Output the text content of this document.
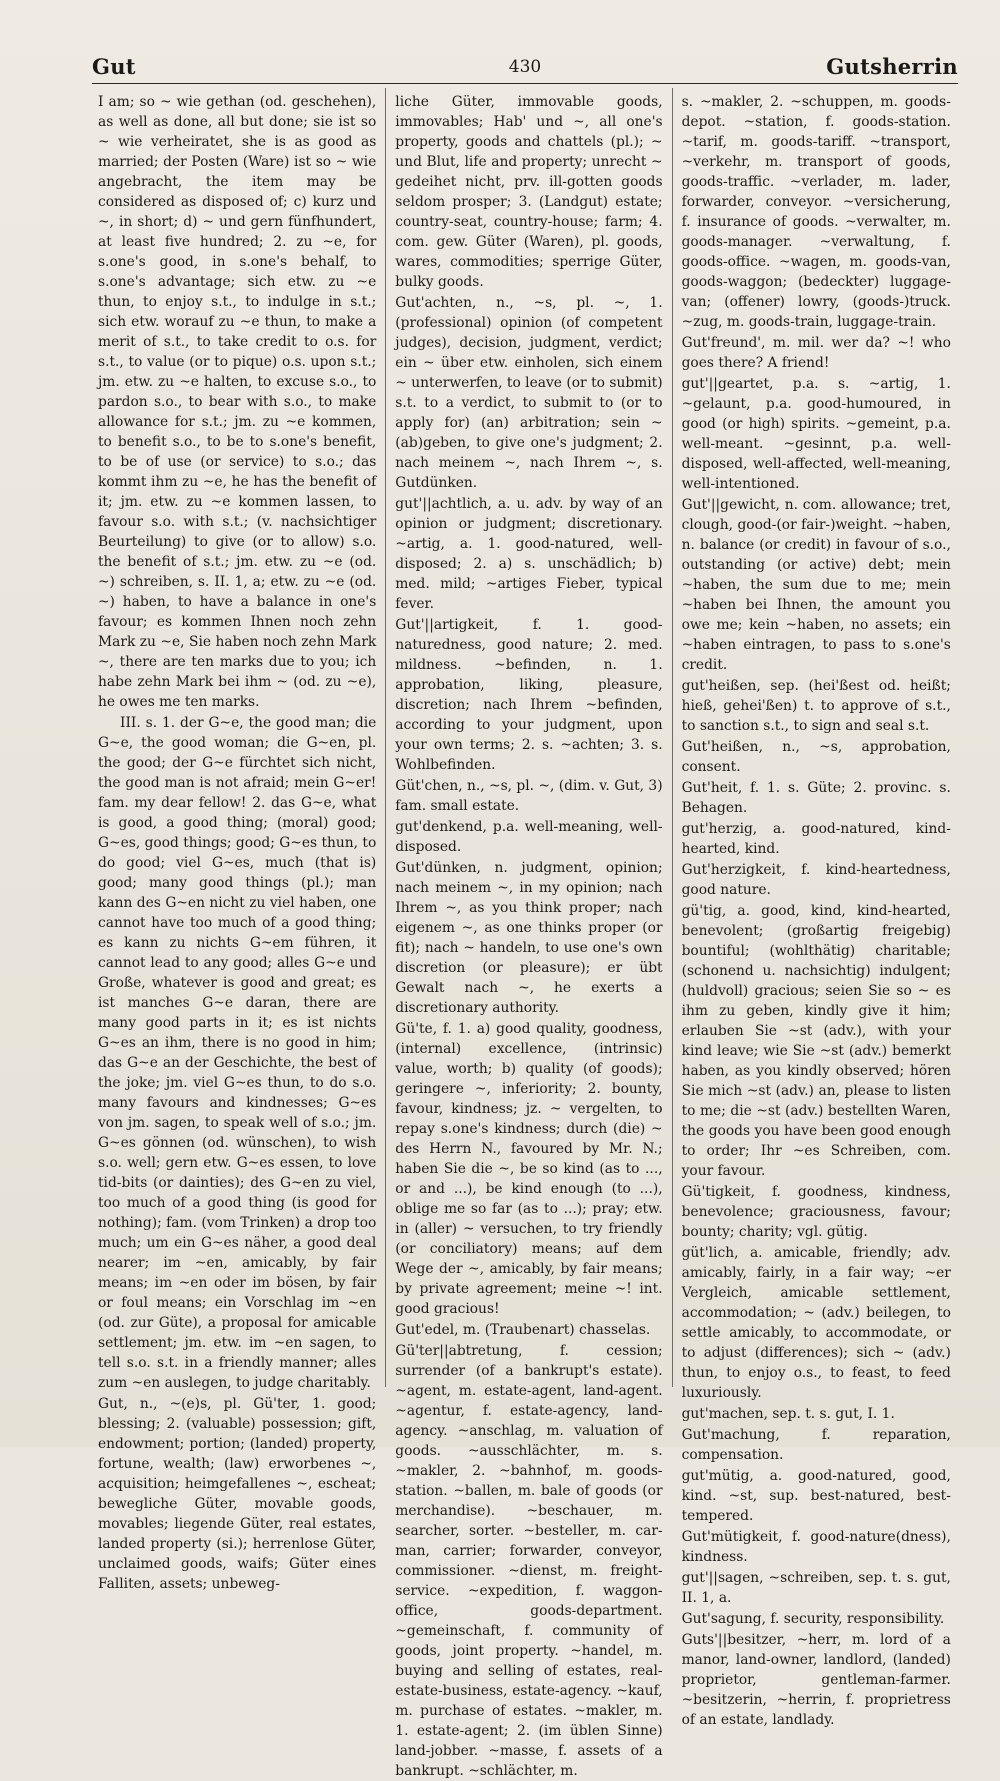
Gut	430	Gutsherrin

I am; so ~ wie gethan (od. geschehen), as well as done, all but done; sie ist so ~ wie verheiratet, she is as good as married; der Posten (Ware) ist so ~ wie angebracht, the item may be considered as disposed of; c) kurz und ~, in short; d) ~ und gern fünfhundert, at least five hundred; 2. zu ~e, for s.one's good, in s.one's behalf, to s.one's advantage; sich etw. zu ~e thun, to enjoy s.t., to indulge in s.t.; sich etw. worauf zu ~e thun, to make a merit of s.t., to take credit to o.s. for s.t., to value (or to pique) o.s. upon s.t.; jm. etw. zu ~e halten, to excuse s.o., to pardon s.o., to bear with s.o., to make allowance for s.t.; jm. zu ~e kommen, to benefit s.o., to be to s.one's benefit, to be of use (or service) to s.o.; das kommt ihm zu ~e, he has the benefit of it; jm. etw. zu ~e kommen lassen, to favour s.o. with s.t.; (v. nachsichtiger Beurteilung) to give (or to allow) s.o. the benefit of s.t.; jm. etw. zu ~e (od. ~) schreiben, s. II. 1, a; etw. zu ~e (od. ~) haben, to have a balance in one's favour; es kommen Ihnen noch zehn Mark zu ~e, Sie haben noch zehn Mark ~, there are ten marks due to you; ich habe zehn Mark bei ihm ~ (od. zu ~e), he owes me ten marks.

III. s. 1. der G~e, the good man; die G~e, the good woman; die G~en, pl. the good; der G~e fürchtet sich nicht, the good man is not afraid; mein G~er! fam. my dear fellow! 2. das G~e, what is good, a good thing; (moral) good; G~es, good things; good; G~es thun, to do good; viel G~es, much (that is) good; many good things (pl.); man kann des G~en nicht zu viel haben, one cannot have too much of a good thing; es kann zu nichts G~em führen, it cannot lead to any good; alles G~e und Große, whatever is good and great; es ist manches G~e daran, there are many good parts in it; es ist nichts G~es an ihm, there is no good in him; das G~e an der Geschichte, the best of the joke; jm. viel G~es thun, to do s.o. many favours and kindnesses; G~es von jm. sagen, to speak well of s.o.; jm. G~es gönnen (od. wünschen), to wish s.o. well; gern etw. G~es essen, to love tid-bits (or dainties); des G~en zu viel, too much of a good thing (is good for nothing); fam. (vom Trinken) a drop too much; um ein G~es näher, a good deal nearer; im ~en, amicably, by fair means; im ~en oder im bösen, by fair or foul means; ein Vorschlag im ~en (od. zur Güte), a proposal for amicable settlement; jm. etw. im ~en sagen, to tell s.o. s.t. in a friendly manner; alles zum ~en auslegen, to judge charitably.

Gut, n., ~(e)s, pl. Gü'ter, 1. good; blessing; 2. (valuable) possession; gift, endowment; portion; (landed) property, fortune, wealth; (law) erworbenes ~, acquisition; heimgefallenes ~, escheat; bewegliche Güter, movable goods, movables; liegende Güter, real estates, landed property (si.); herrenlose Güter, unclaimed goods, waifs; Güter eines Falliten, assets; unbeweg-

liche Güter, immovable goods, immovables; Hab' und ~, all one's property, goods and chattels (pl.); ~ und Blut, life and property; unrecht ~ gedeihet nicht, prv. ill-gotten goods seldom prosper; 3. (Landgut) estate; country-seat, country-house; farm; 4. com. gew. Güter (Waren), pl. goods, wares, commodities; sperrige Güter, bulky goods.

Gut'achten, n., ~s, pl. ~, 1. (professional) opinion (of competent judges), decision, judgment, verdict; ein ~ über etw. einholen, sich einem ~ unterwerfen, to leave (or to submit) s.t. to a verdict, to submit to (or to apply for) (an) arbitration; sein ~ (ab)geben, to give one's judgment; 2. nach meinem ~, nach Ihrem ~, s. Gutdünken.

gut'||achtlich, a. u. adv. by way of an opinion or judgment; discretionary. ~artig, a. 1. good-natured, well-disposed; 2. a) s. unschädlich; b) med. mild; ~artiges Fieber, typical fever.

Gut'||artigkeit, f. 1. good-naturedness, good nature; 2. med. mildness. ~befinden, n. 1. approbation, liking, pleasure, discretion; nach Ihrem ~befinden, according to your judgment, upon your own terms; 2. s. ~achten; 3. s. Wohlbefinden.

Güt'chen, n., ~s, pl. ~, (dim. v. Gut, 3) fam. small estate.

gut'denkend, p.a. well-meaning, well-disposed.

Gut'dünken, n. judgment, opinion; nach meinem ~, in my opinion; nach Ihrem ~, as you think proper; nach eigenem ~, as one thinks proper (or fit); nach ~ handeln, to use one's own discretion (or pleasure); er übt Gewalt nach ~, he exerts a discretionary authority.

Gü'te, f. 1. a) good quality, goodness, (internal) excellence, (intrinsic) value, worth; b) quality (of goods); geringere ~, inferiority; 2. bounty, favour, kindness; jz. ~ vergelten, to repay s.one's kindness; durch (die) ~ des Herrn N., favoured by Mr. N.; haben Sie die ~, be so kind (as to ..., or and ...), be kind enough (to ...), oblige me so far (as to ...); pray; etw. in (aller) ~ versuchen, to try friendly (or conciliatory) means; auf dem Wege der ~, amicably, by fair means; by private agreement; meine ~! int. good gracious!

Gut'edel, m. (Traubenart) chasselas.

Gü'ter||abtretung, f. cession; surrender (of a bankrupt's estate). ~agent, m. estate-agent, land-agent. ~agentur, f. estate-agency, land-agency. ~anschlag, m. valuation of goods. ~ausschlächter, m. s. ~makler, 2. ~bahnhof, m. goods-station. ~ballen, m. bale of goods (or merchandise). ~beschauer, m. searcher, sorter. ~besteller, m. car-man, carrier; forwarder, conveyor, commissioner. ~dienst, m. freight-service. ~expedition, f. waggon-office, goods-department. ~gemeinschaft, f. community of goods, joint property. ~handel, m. buying and selling of estates, real-estate-business, estate-agency. ~kauf, m. purchase of estates. ~makler, m. 1. estate-agent; 2. (im üblen Sinne) land-jobber. ~masse, f. assets of a bankrupt. ~schlächter, m.

s. ~makler, 2. ~schuppen, m. goods-depot. ~station, f. goods-station. ~tarif, m. goods-tariff. ~transport, ~verkehr, m. transport of goods, goods-traffic. ~verlader, m. lader, forwarder, conveyor. ~versicherung, f. insurance of goods. ~verwalter, m. goods-manager. ~verwaltung, f. goods-office. ~wagen, m. goods-van, goods-waggon; (bedeckter) luggage-van; (offener) lowry, (goods-)truck. ~zug, m. goods-train, luggage-train.

Gut'freund', m. mil. wer da? ~! who goes there? A friend!

gut'||geartet, p.a. s. ~artig, 1. ~gelaunt, p.a. good-humoured, in good (or high) spirits. ~gemeint, p.a. well-meant. ~gesinnt, p.a. well-disposed, well-affected, well-meaning, well-intentioned.

Gut'||gewicht, n. com. allowance; tret, clough, good-(or fair-)weight. ~haben, n. balance (or credit) in favour of s.o., outstanding (or active) debt; mein ~haben, the sum due to me; mein ~haben bei Ihnen, the amount you owe me; kein ~haben, no assets; ein ~haben eintragen, to pass to s.one's credit.

gut'heißen, sep. (hei'ßest od. heißt; hieß, gehei'ßen) t. to approve of s.t., to sanction s.t., to sign and seal s.t.

Gut'heißen, n., ~s, approbation, consent.

Gut'heit, f. 1. s. Güte; 2. provinc. s. Behagen.

gut'herzig, a. good-natured, kind-hearted, kind.

Gut'herzigkeit, f. kind-heartedness, good nature.

gü'tig, a. good, kind, kind-hearted, benevolent; (großartig freigebig) bountiful; (wohlthätig) charitable; (schonend u. nachsichtig) indulgent; (huldvoll) gracious; seien Sie so ~ es ihm zu geben, kindly give it him; erlauben Sie ~st (adv.), with your kind leave; wie Sie ~st (adv.) bemerkt haben, as you kindly observed; hören Sie mich ~st (adv.) an, please to listen to me; die ~st (adv.) bestellten Waren, the goods you have been good enough to order; Ihr ~es Schreiben, com. your favour.

Gü'tigkeit, f. goodness, kindness, benevolence; graciousness, favour; bounty; charity; vgl. gütig.

güt'lich, a. amicable, friendly; adv. amicably, fairly, in a fair way; ~er Vergleich, amicable settlement, accommodation; ~ (adv.) beilegen, to settle amicably, to accommodate, or to adjust (differences); sich ~ (adv.) thun, to enjoy o.s., to feast, to feed luxuriously.

gut'machen, sep. t. s. gut, I. 1.

Gut'machung, f. reparation, compensation.

gut'mütig, a. good-natured, good, kind. ~st, sup. best-natured, best-tempered.

Gut'mütigkeit, f. good-nature(dness), kindness.

gut'||sagen, ~schreiben, sep. t. s. gut, II. 1, a.

Gut'sagung, f. security, responsibility.

Guts'||besitzer, ~herr, m. lord of a manor, land-owner, landlord, (landed) proprietor, gentleman-farmer. ~besitzerin, ~herrin, f. proprietress of an estate, landlady.
